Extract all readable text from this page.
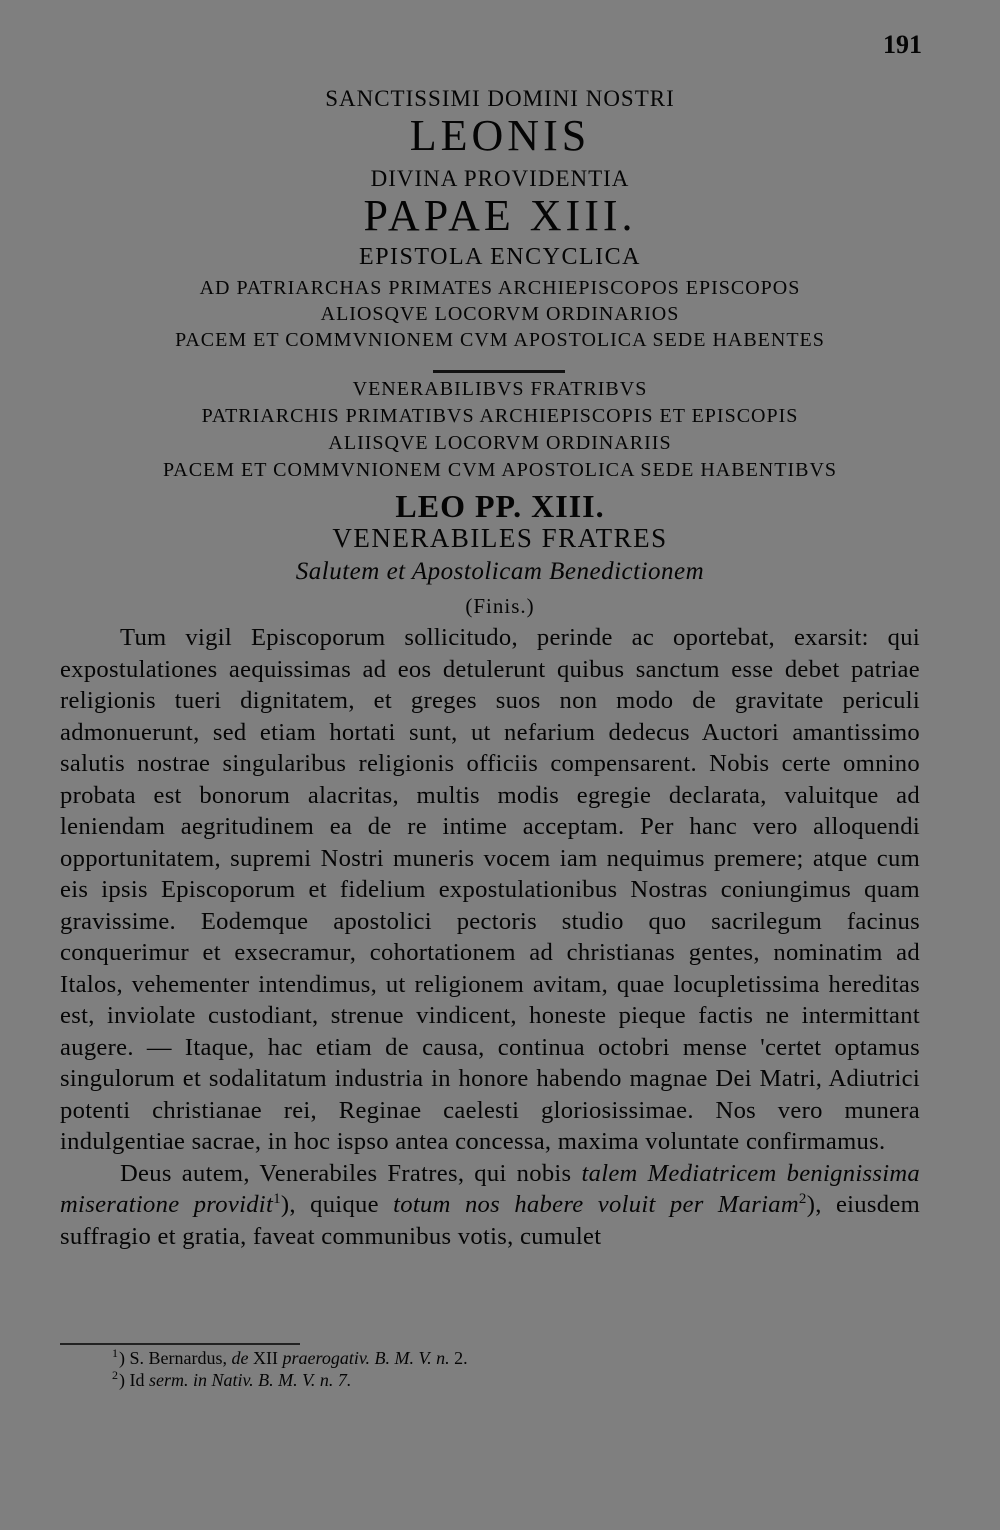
191
SANCTISSIMI DOMINI NOSTRI
LEONIS
DIVINA PROVIDENTIA
PAPAE XIII.
EPISTOLA ENCYCLICA
AD PATRIARCHAS PRIMATES ARCHIEPISCOPOS EPISCOPOS
ALIOSQVE LOCORVM ORDINARIOS
PACEM ET COMMVNIONEM CVM APOSTOLICA SEDE HABENTES
VENERABILIBVS FRATRIBVS
PATRIARCHIS PRIMATIBVS ARCHIEPISCOPIS ET EPISCOPIS
ALIISQVE LOCORVM ORDINARIIS
PACEM ET COMMVNIONEM CVM APOSTOLICA SEDE HABENTIBVS
LEO PP. XIII.
VENERABILES FRATRES
Salutem et Apostolicam Benedictionem
(Finis.)

Tum vigil Episcoporum sollicitudo, perinde ac oportebat, exarsit: qui expostulationes aequissimas ad eos detulerunt quibus sanctum esse debet patriae religionis tueri dignitatem, et greges suos non modo de gravitate periculi admonuerunt, sed etiam hortati sunt, ut nefarium dedecus Auctori amantissimo salutis nostrae singularibus religionis officiis compensarent. Nobis certe omnino probata est bonorum alacritas, multis modis egregie declarata, valuitque ad leniendam aegritudinem ea de re intime acceptam. Per hanc vero alloquendi opportunitatem, supremi Nostri muneris vocem iam nequimus premere; atque cum eis ipsis Episcoporum et fidelium expostulationibus Nostras coniungimus quam gravissime. Eodemque apostolici pectoris studio quo sacrilegum facinus conquerimur et exsecramur, cohortationem ad christianas gentes, nominatim ad Italos, vehementer intendimus, ut religionem avitam, quae locupletissima hereditas est, inviolate custodiant, strenue vindicent, honeste pieque factis ne intermittant augere. — Itaque, hac etiam de causa, continua octobri mense 'certet optamus singulorum et sodalitatum industria in honore habendo magnae Dei Matri, Adiutrici potenti christianae rei, Reginae caelesti gloriosissimae. Nos vero munera indulgentiae sacrae, in hoc ispso antea concessa, maxima voluntate confirmamus.

Deus autem, Venerabiles Fratres, qui nobis talem Mediatricem benignissima miseratione providit$^1$), quique totum nos habere voluit per Mariam$^2$), eiusdem suffragio et gratia, faveat communibus votis, cumulet

$^1$) S. Bernardus, de XII praerogativ. B. M. V. n. 2.

$^2$) Id serm. in Nativ. B. M. V. n. 7.
